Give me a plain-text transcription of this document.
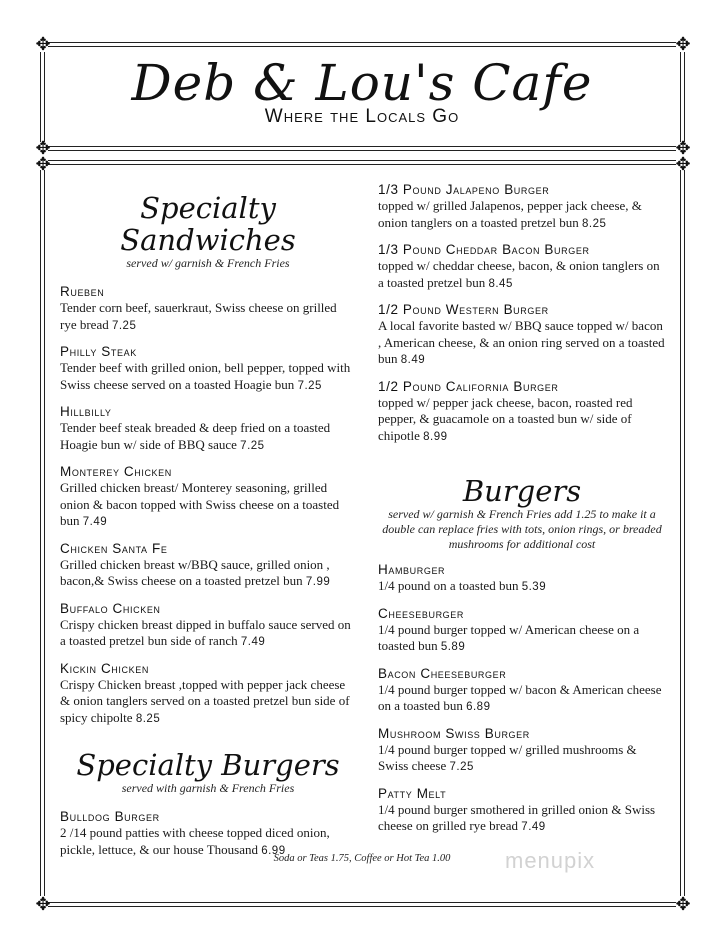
✥	✥
✥	✥
✥	✥
✥	✥
Deb & Lou's Cafe
Where the Locals Go
Specialty Sandwiches
served w/ garnish & French Fries
Rueben
Tender corn beef, sauerkraut, Swiss cheese on grilled rye bread 7.25
Philly Steak
Tender beef with grilled onion, bell pepper, topped with Swiss cheese served on a toasted Hoagie bun 7.25
Hillbilly
Tender beef steak breaded & deep fried on a toasted Hoagie bun w/ side of BBQ sauce 7.25
Monterey Chicken
Grilled chicken breast/ Monterey seasoning, grilled onion & bacon topped with Swiss cheese on a toasted bun 7.49
Chicken Santa Fe
Grilled chicken breast w/BBQ sauce, grilled onion , bacon,& Swiss cheese on a toasted pretzel bun 7.99
Buffalo Chicken
Crispy chicken breast dipped in buffalo sauce served on a toasted pretzel bun side of ranch 7.49
Kickin Chicken
Crispy Chicken breast ,topped with pepper jack cheese & onion tanglers served on a toasted pretzel bun side of spicy chipolte 8.25
Specialty Burgers
served with garnish & French Fries
Bulldog Burger
2 /14 pound patties with cheese topped diced onion, pickle, lettuce, & our house Thousand 6.99
1/3 Pound Jalapeno Burger
topped w/ grilled Jalapenos, pepper jack cheese, & onion tanglers on a toasted pretzel bun 8.25
1/3 Pound Cheddar Bacon Burger
topped w/ cheddar cheese, bacon, & onion tanglers on a toasted pretzel bun 8.45
1/2 Pound Western Burger
A local favorite basted w/ BBQ sauce topped w/ bacon , American cheese, & an onion ring served on a toasted bun 8.49
1/2 Pound California Burger
topped w/ pepper jack cheese, bacon, roasted red pepper, & guacamole on a toasted bun w/ side of chipotle 8.99
Burgers
served w/ garnish & French Fries add 1.25 to make it a double can replace fries with tots, onion rings, or breaded mushrooms for additional cost
Hamburger
1/4 pound on a toasted bun 5.39
Cheeseburger
1/4 pound burger topped w/ American cheese on a toasted bun 5.89
Bacon Cheeseburger
1/4 pound burger topped w/ bacon & American cheese on a toasted bun 6.89
Mushroom Swiss Burger
1/4 pound burger topped w/ grilled mushrooms & Swiss cheese 7.25
Patty Melt
1/4 pound burger smothered in grilled onion & Swiss cheese on grilled rye bread 7.49
Soda or Teas 1.75, Coffee or Hot Tea 1.00	menupix
